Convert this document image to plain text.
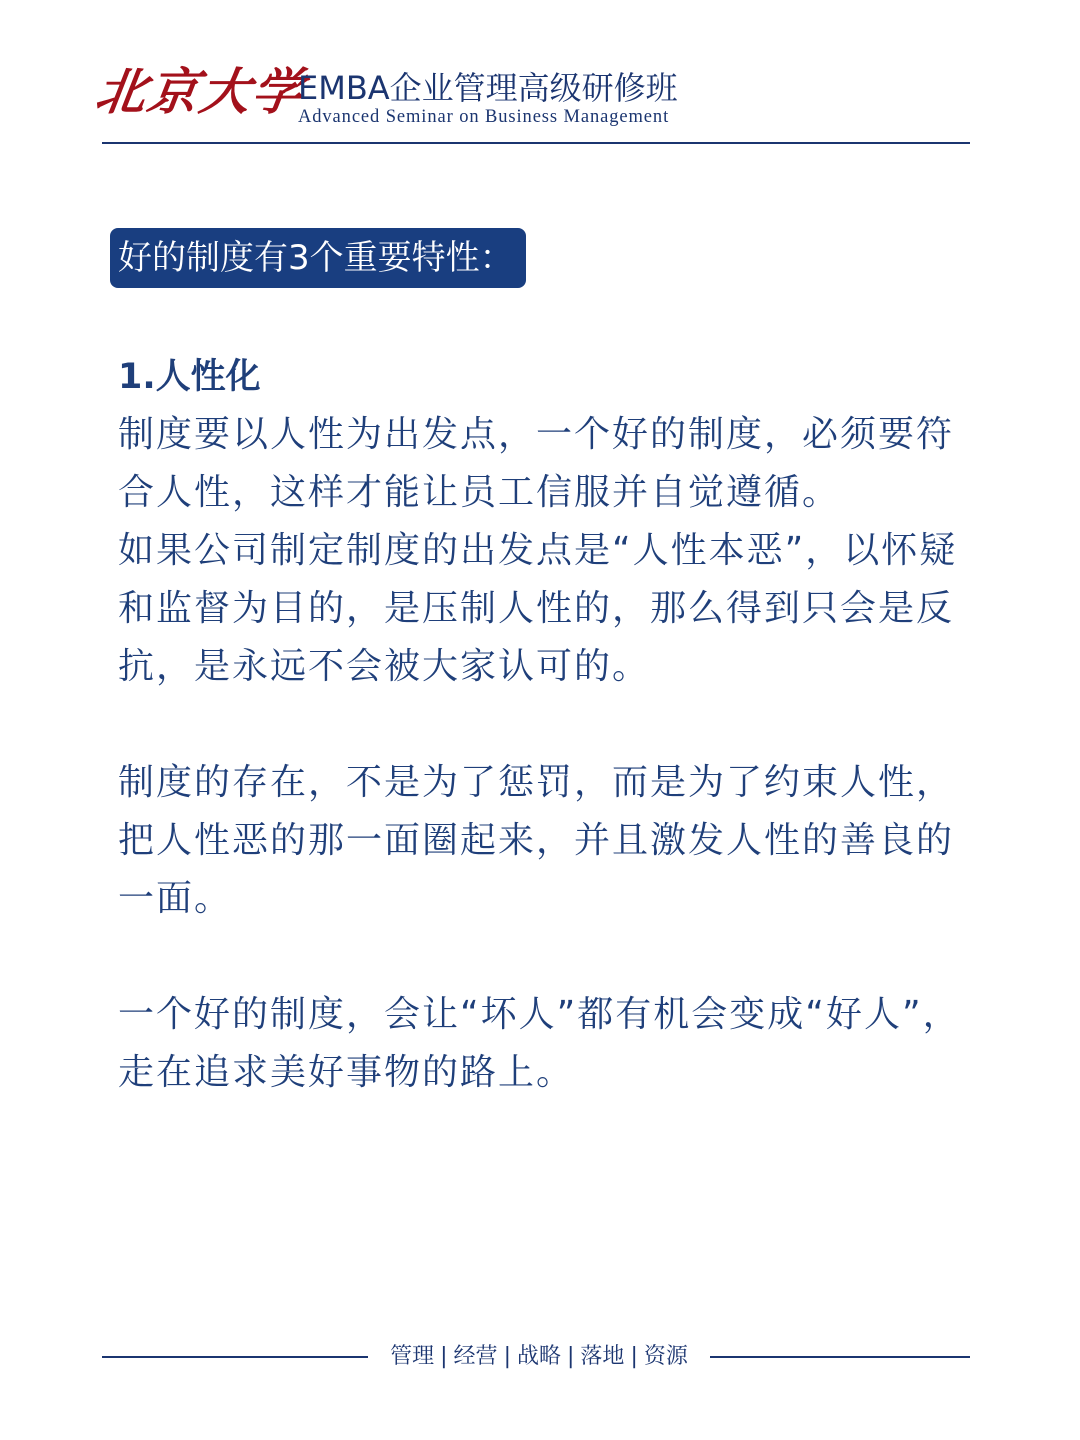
北京大学
EMBA企业管理高级研修班
Advanced Seminar on Business Management
好的制度有3个重要特性：

1.人性化

制度要以人性为出发点，一个好的制度，必须要符合人性，这样才能让员工信服并自觉遵循。

如果公司制定制度的出发点是“人性本恶”，以怀疑和监督为目的，是压制人性的，那么得到只会是反抗，是永远不会被大家认可的。

制度的存在，不是为了惩罚，而是为了约束人性，把人性恶的那一面圈起来，并且激发人性的善良的一面。

一个好的制度，会让“坏人”都有机会变成“好人”，走在追求美好事物的路上。

管理 | 经营 | 战略 | 落地 | 资源
